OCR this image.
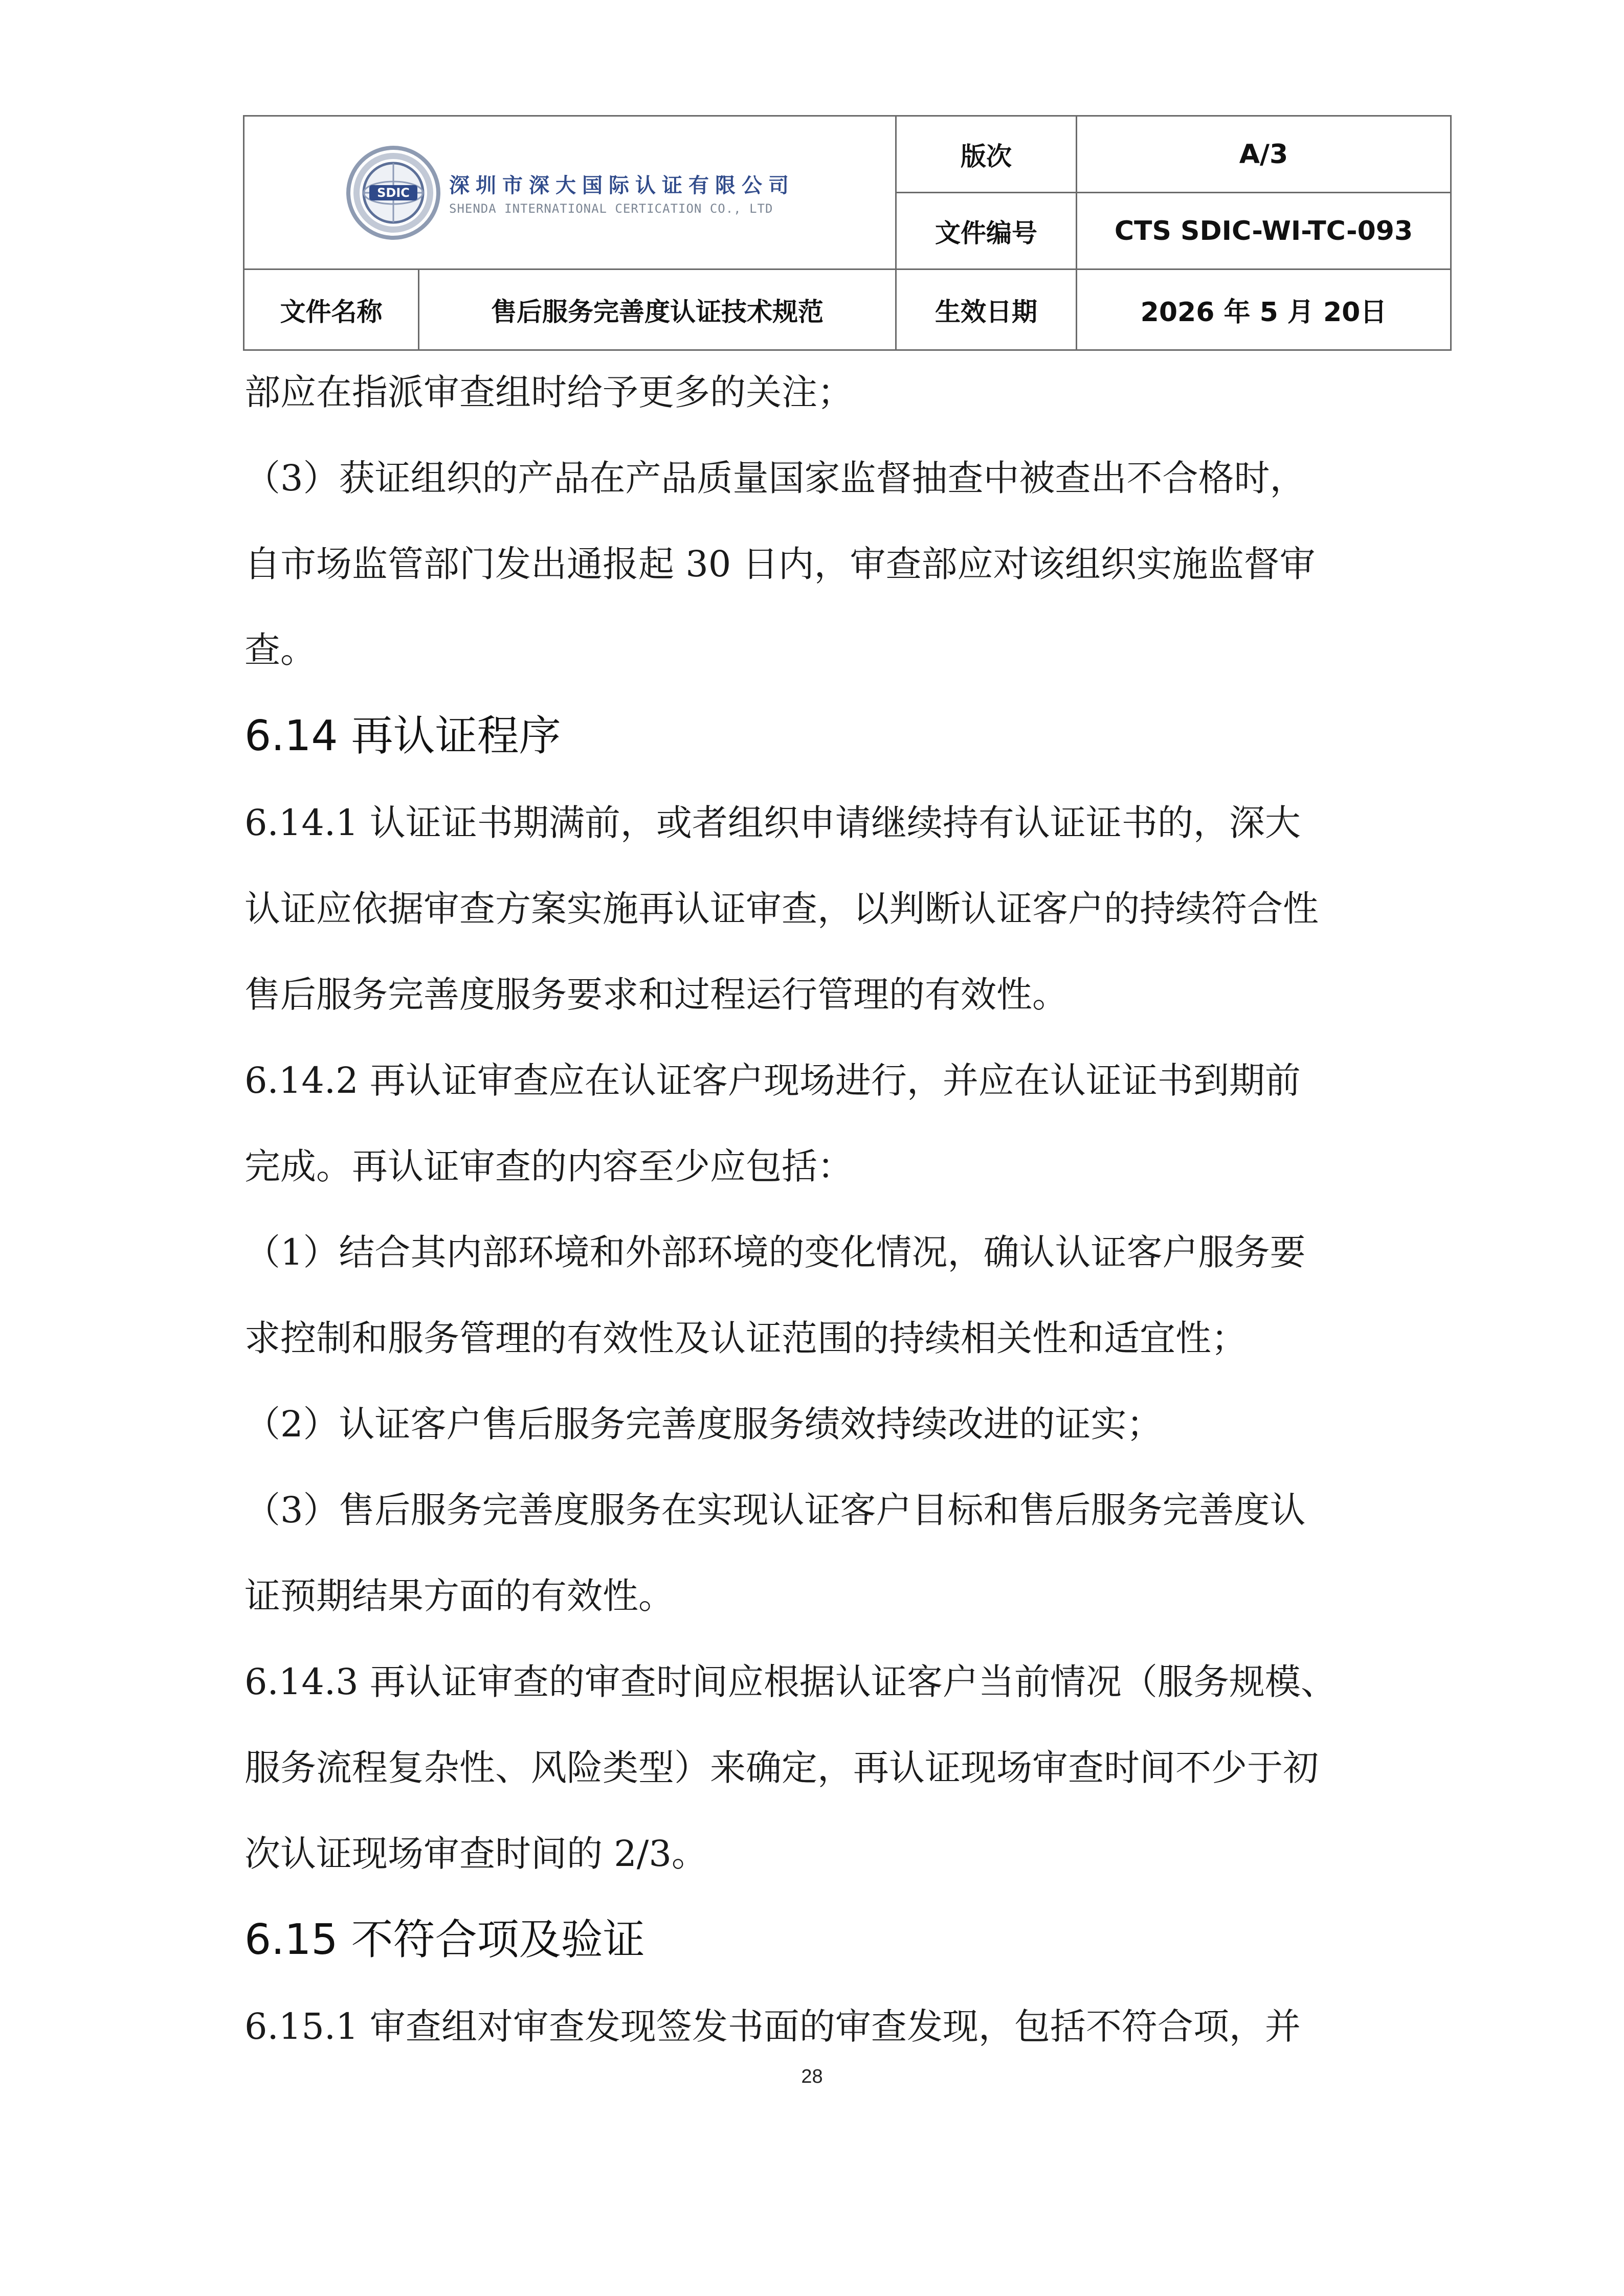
SDIC 深圳市深大国际认证有限公司
SHENDA INTERNATIONAL CERTICATION CO., LTD		版次	A/3
		文件编号	CTS SDIC-WI-TC-093
文件名称	售后服务完善度认证技术规范	生效日期	2026 年 5 月 20日

部应在指派审查组时给予更多的关注；

（3）获证组织的产品在产品质量国家监督抽查中被查出不合格时，

自市场监管部门发出通报起 30 日内，审查部应对该组织实施监督审

查。

6.14 再认证程序

6.14.1 认证证书期满前，或者组织申请继续持有认证证书的，深大

认证应依据审查方案实施再认证审查，以判断认证客户的持续符合性

售后服务完善度服务要求和过程运行管理的有效性。

6.14.2 再认证审查应在认证客户现场进行，并应在认证证书到期前

完成。再认证审查的内容至少应包括：

（1）结合其内部环境和外部环境的变化情况，确认认证客户服务要

求控制和服务管理的有效性及认证范围的持续相关性和适宜性；

（2）认证客户售后服务完善度服务绩效持续改进的证实；

（3）售后服务完善度服务在实现认证客户目标和售后服务完善度认

证预期结果方面的有效性。

6.14.3 再认证审查的审查时间应根据认证客户当前情况（服务规模、

服务流程复杂性、风险类型）来确定，再认证现场审查时间不少于初

次认证现场审查时间的 2/3。

6.15 不符合项及验证

6.15.1 审查组对审查发现签发书面的审查发现，包括不符合项，并

28
